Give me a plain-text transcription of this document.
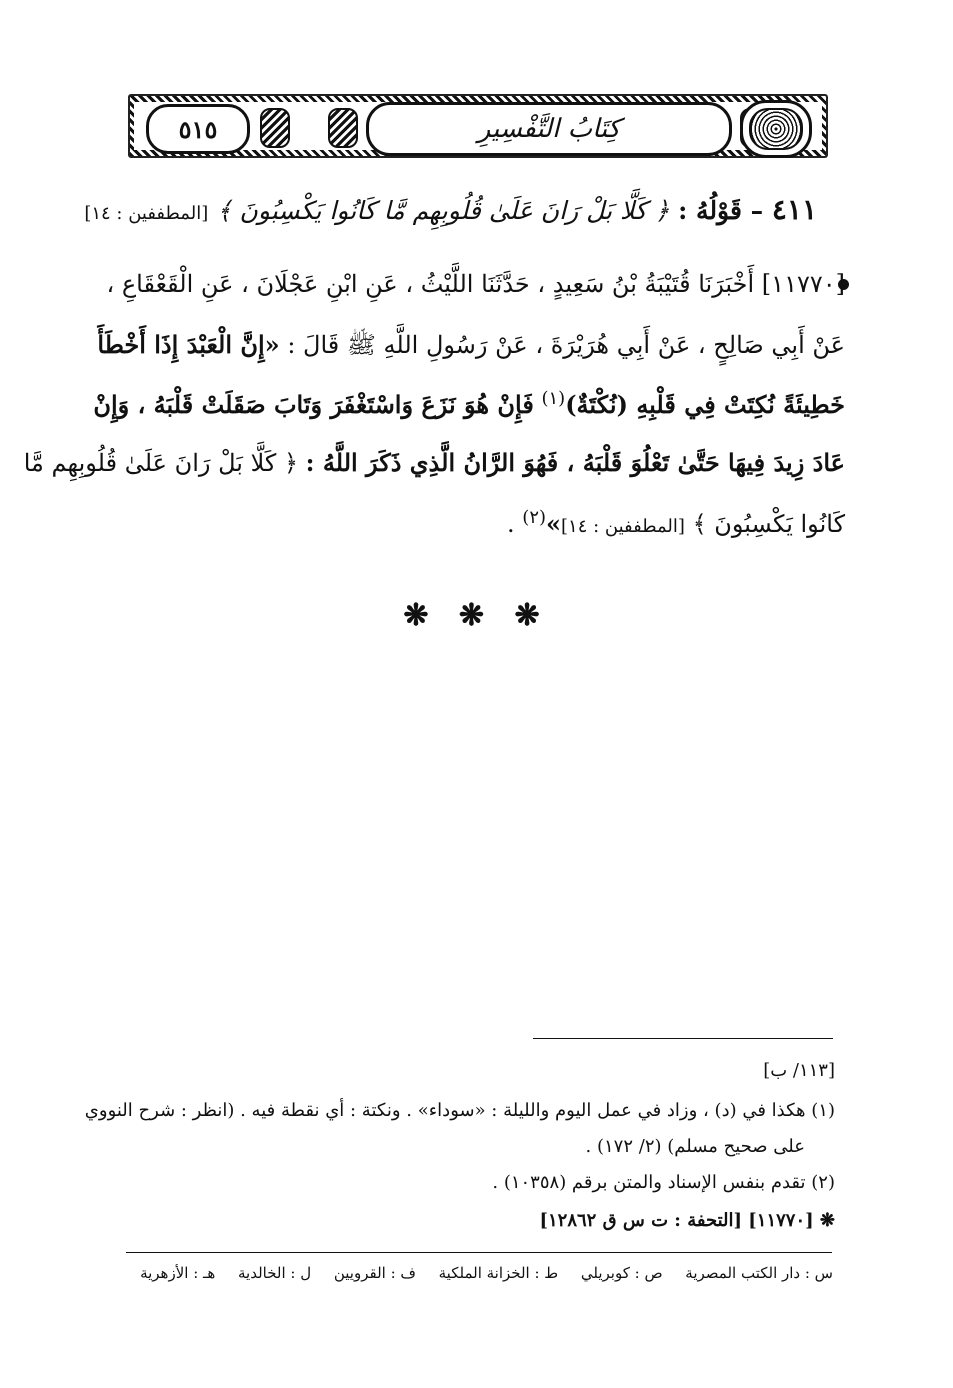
٥١٥	كِتَابُ التَّفْسِيرِ
٤١١ – قَوْلُهُ : ﴿ كَلَّا بَلْ رَانَ عَلَىٰ قُلُوبِهِم مَّا كَانُوا يَكْسِبُونَ ﴾ [المطففين : ١٤]
[١١٧٧٠] أَخْبَرَنَا قُتَيْبَةُ بْنُ سَعِيدٍ ، حَدَّثَنَا اللَّيْثُ ، عَنِ ابْنِ عَجْلَانَ ، عَنِ الْقَعْقَاعِ ،
عَنْ أَبِي صَالِحٍ ، عَنْ أَبِي هُرَيْرَةَ ، عَنْ رَسُولِ اللَّهِ ﷺ قَالَ : «إِنَّ الْعَبْدَ إِذَا أَخْطَأَ
خَطِيئَةً نُكِتَتْ فِي قَلْبِهِ (نُكْتَةٌ)$^{(١)}$ فَإِنْ هُوَ نَزَعَ وَاسْتَغْفَرَ وَتَابَ صَقَلَتْ قَلْبَهُ ، وَإِنْ
عَادَ زِيدَ فِيهَا حَتَّىٰ تَعْلُوَ قَلْبَهُ ، فَهُوَ الرَّانُ الَّذِي ذَكَرَ اللَّهُ : ﴿ كَلَّا بَلْ رَانَ عَلَىٰ قُلُوبِهِم مَّا
كَانُوا يَكْسِبُونَ ﴾ [المطففين : ١٤]»$^{(٢)}$ .
❋ ❋ ❋
[١١٣/ ب]
(١) هكذا في (د) ، وزاد في عمل اليوم والليلة : «سوداء» . ونكتة : أي نقطة فيه . (انظر : شرح النووي
على صحيح مسلم) (٢/ ١٧٢) .
(٢) تقدم بنفس الإسناد والمتن برقم (١٠٣٥٨) .
❋ [١١٧٧٠] [التحفة : ت س ق ١٢٨٦٢]
س : دار الكتب المصرية
ص : كوبريلي
ط : الخزانة الملكية
ف : القرويين
ل : الخالدية
هـ : الأزهرية
